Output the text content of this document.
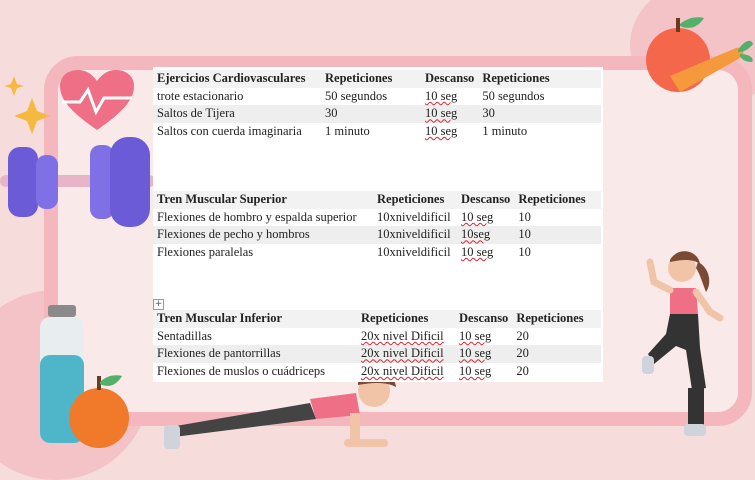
Ejercicios Cardiovasculares	Repeticiones	Descanso	Repeticiones
trote estacionario	50 segundos	10 seg	50 segundos
Saltos de Tijera	30	10 seg	30
Saltos con cuerda imaginaria	1 minuto	10 seg	1 minuto
Tren Muscular Superior	Repeticiones	Descanso	Repeticiones
Flexiones de hombro y espalda superior	10xniveldificil	10 seg	10
Flexiones de pecho y hombros	10xniveldificil	10seg	10
Flexiones paralelas	10xniveldificil	10 seg	10
+
Tren Muscular Inferior	Repeticiones	Descanso	Repeticiones
Sentadillas	20x nivel Dificil	10 seg	20
Flexiones de pantorrillas	20x nivel Dificil	10 seg	20
Flexiones de muslos o cuádriceps	20x nivel Dificil	10 seg	20
